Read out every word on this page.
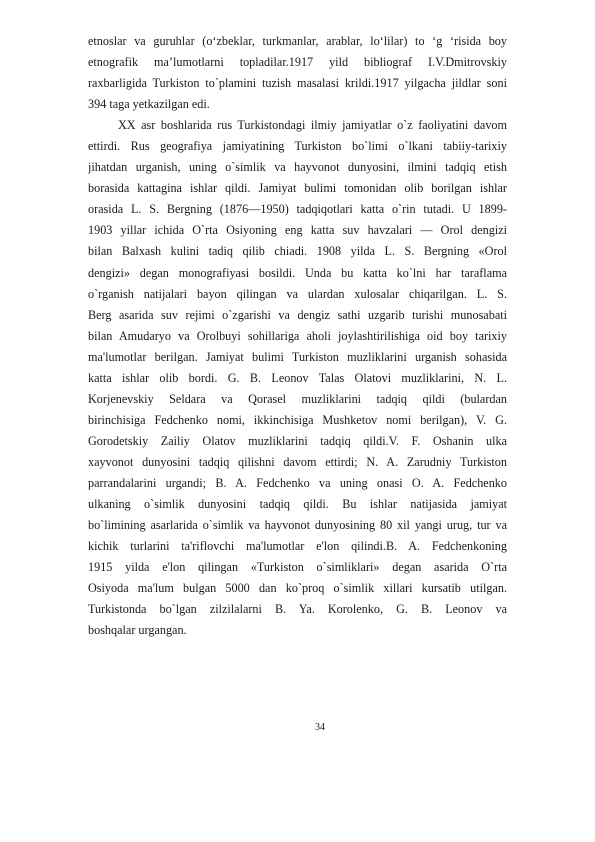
etnoslar va guruhlar (o‘zbeklar, turkmanlar, arablar, lo‘lilar) to ‘g ‘risida boy
etnografik ma’lumotlarni topladilar.1917 yild bibliograf I.V.Dmitrovskiy
raxbarligida Turkiston to`plamini tuzish masalasi krildi.1917 yilgacha jildlar soni
394 taga yetkazilgan edi.
XX asr boshlarida rus Turkistondagi ilmiy jamiyatlar o`z faoliyatini davom
ettirdi. Rus geografiya jamiyatining Turkiston bo`limi o`lkani tabiiy-tarixiy
jihatdan urganish, uning o`simlik va hayvonot dunyosini, ilmini tadqiq etish
borasida kattagina ishlar qildi. Jamiyat bulimi tomonidan olib borilgan ishlar
orasida L. S. Bergning (1876—1950) tadqiqotlari katta o`rin tutadi. U 1899-
1903 yillar ichida O`rta Osiyoning eng katta suv havzalari — Orol dengizi
bilan Balxash kulini tadiq qilib chiadi. 1908 yilda L. S. Bergning «Orol
dengizi» degan monografiyasi bosildi. Unda bu katta ko`lni har taraflama
o`rganish natijalari bayon qilingan va ulardan xulosalar chiqarilgan. L. S.
Berg asarida suv rejimi o`zgarishi va dengiz sathi uzgarib turishi munosabati
bilan Amudaryo va Orolbuyi sohillariga aholi joylashtirilishiga oid boy tarixiy
ma'lumotlar berilgan. Jamiyat bulimi Turkiston muzliklarini urganish sohasida
katta ishlar olib bordi. G. B. Leonov Talas Olatovi muzliklarini, N. L.
Korjenevskiy Seldara va Qorasel muzliklarini tadqiq qildi (bulardan
birinchisiga Fedchenko nomi, ikkinchisiga Mushketov nomi berilgan), V. G.
Gorodetskiy Zailiy Olatov muzliklarini tadqiq qildi.V. F. Oshanin ulka
xayvonot dunyosini tadqiq qilishni davom ettirdi; N. A. Zarudniy Turkiston
parrandalarini urgandi; B. A. Fedchenko va uning onasi O. A. Fedchenko
ulkaning o`simlik dunyosini tadqiq qildi. Bu ishlar natijasida jamiyat
bo`limining asarlarida o`simlik va hayvonot dunyosining 80 xil yangi urug, tur va
kichik turlarini ta'riflovchi ma'lumotlar e'lon qilindi.B. A. Fedchenkoning
1915 yilda e'lon qilingan «Turkiston o`simliklari» degan asarida O`rta
Osiyoda ma'lum bulgan 5000 dan ko`proq o`simlik xillari kursatib utilgan.
Turkistonda bo`lgan zilzilalarni B. Ya. Korolenko, G. B. Leonov va
boshqalar urgangan.
34
